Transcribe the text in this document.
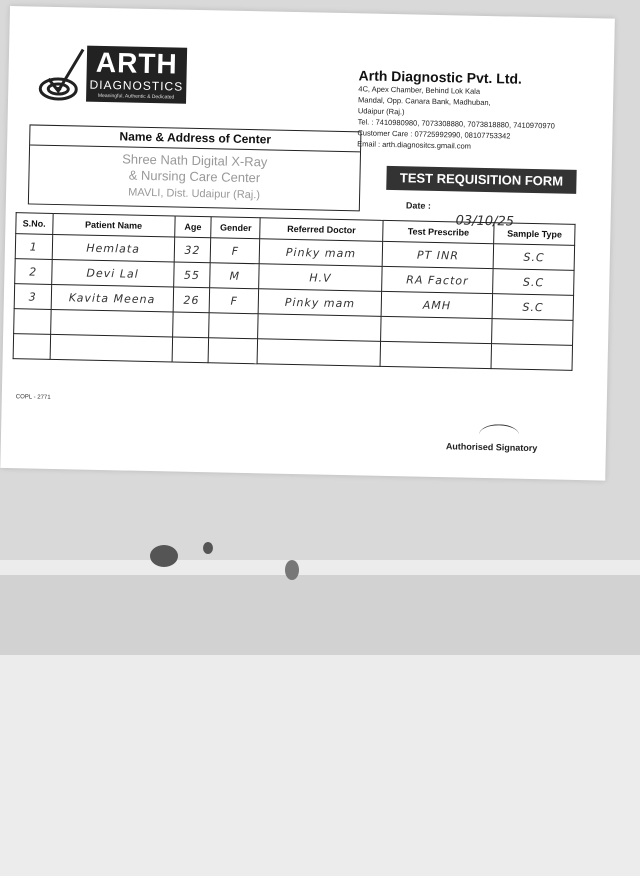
ARTH
DIAGNOSTICS
Meaningful, Authentic & Dedicated
Arth Diagnostic Pvt. Ltd.
4C, Apex Chamber, Behind Lok Kala
Mandal, Opp. Canara Bank, Madhuban,
Udaipur (Raj.)
Tel. : 7410980980, 7073308880, 7073818880, 7410970970
Customer Care : 07725992990, 08107753342
Email : arth.diagnositcs.gmail.com
Name & Address of Center
Shree Nath Digital X-Ray
& Nursing Care Center
MAVLI, Dist. Udaipur (Raj.)
TEST REQUISITION FORM
Date :
03/10/25
S.No.	Patient Name	Age	Gender	Referred Doctor	Test Prescribe	Sample Type
1	Hemlata	32	F	Pinky mam	PT INR	S.C
2	Devi Lal	55	M	H.V	RA Factor	S.C
3	Kavita Meena	26	F	Pinky mam	AMH	S.C

COPL - 2771
Authorised Signatory
